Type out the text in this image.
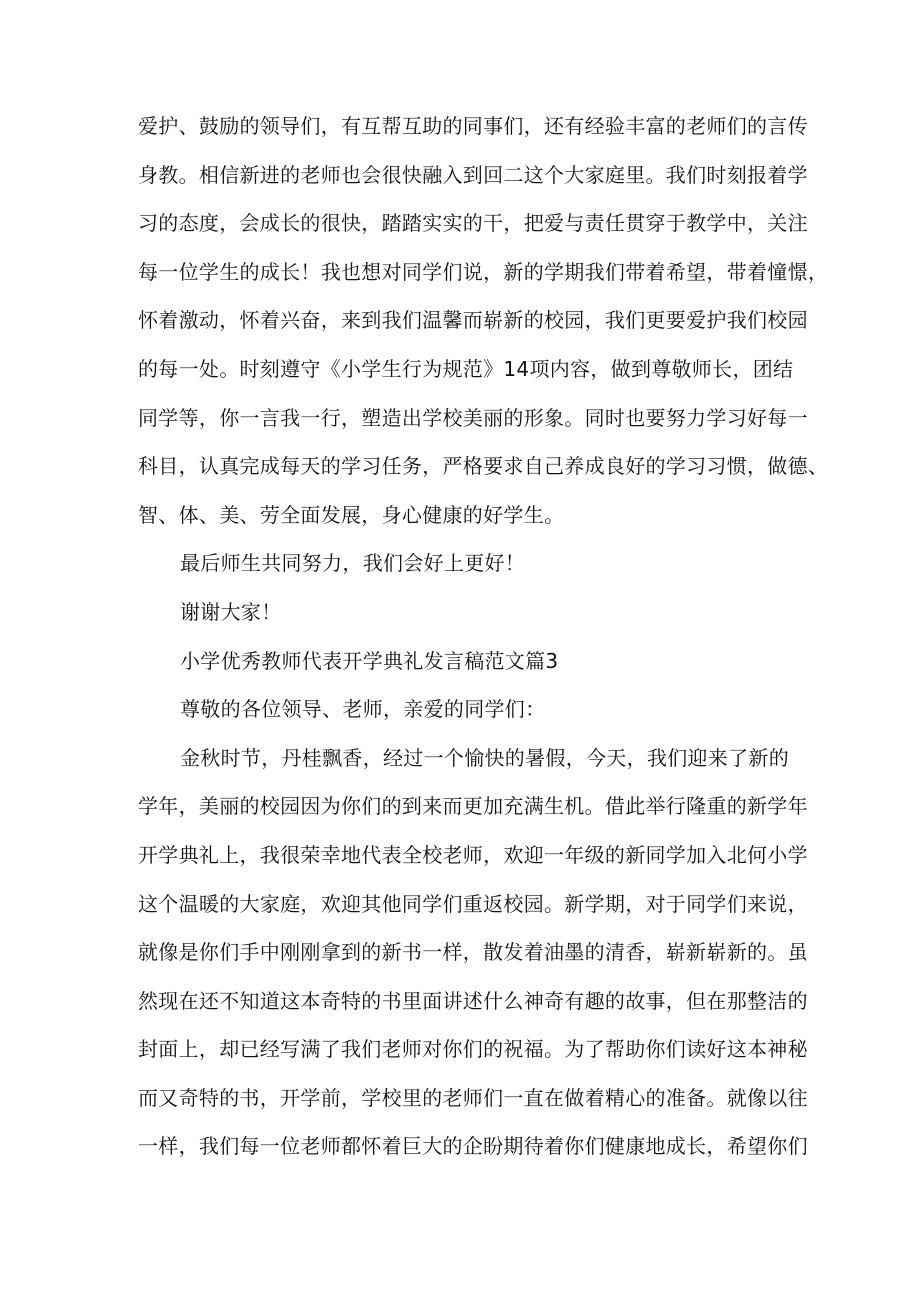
爱护、鼓励的领导们，有互帮互助的同事们，还有经验丰富的老师们的言传
身教。相信新进的老师也会很快融入到回二这个大家庭里。我们时刻报着学
习的态度，会成长的很快，踏踏实实的干，把爱与责任贯穿于教学中，关注
每一位学生的成长！我也想对同学们说，新的学期我们带着希望，带着憧憬，
怀着激动，怀着兴奋，来到我们温馨而崭新的校园，我们更要爱护我们校园
的每一处。时刻遵守《小学生行为规范》14项内容，做到尊敬师长，团结
同学等，你一言我一行，塑造出学校美丽的形象。同时也要努力学习好每一
科目，认真完成每天的学习任务，严格要求自己养成良好的学习习惯，做德、
智、体、美、劳全面发展，身心健康的好学生。
最后师生共同努力，我们会好上更好！
谢谢大家！
小学优秀教师代表开学典礼发言稿范文篇3
尊敬的各位领导、老师，亲爱的同学们：
金秋时节，丹桂飘香，经过一个愉快的暑假，今天，我们迎来了新的
学年，美丽的校园因为你们的到来而更加充满生机。借此举行隆重的新学年
开学典礼上，我很荣幸地代表全校老师，欢迎一年级的新同学加入北何小学
这个温暖的大家庭，欢迎其他同学们重返校园。新学期，对于同学们来说，
就像是你们手中刚刚拿到的新书一样，散发着油墨的清香，崭新崭新的。虽
然现在还不知道这本奇特的书里面讲述什么神奇有趣的故事，但在那整洁的
封面上，却已经写满了我们老师对你们的祝福。为了帮助你们读好这本神秘
而又奇特的书，开学前，学校里的老师们一直在做着精心的准备。就像以往
一样，我们每一位老师都怀着巨大的企盼期待着你们健康地成长，希望你们
